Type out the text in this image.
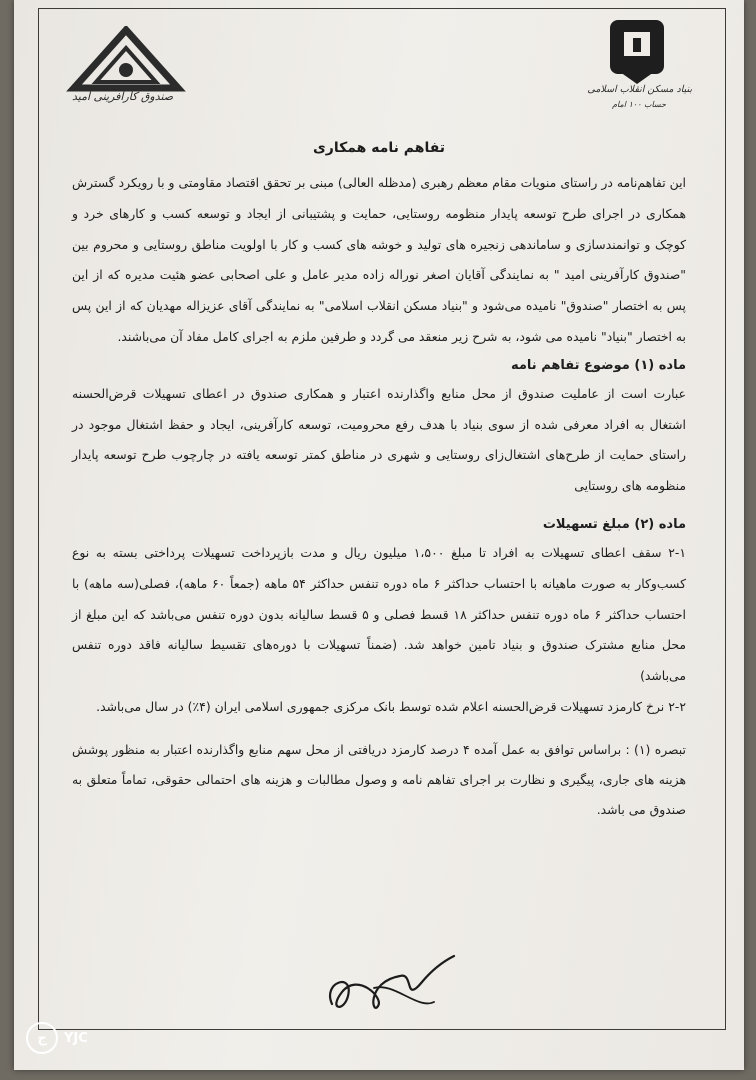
بنیاد مسکن انقلاب اسلامی
حساب ۱۰۰ امام
صندوق کارآفرینی امید
تفاهم نامه همکاری

این تفاهم‌نامه در راستای منویات مقام معظم رهبری (مدظله العالی) مبنی بر تحقق اقتصاد مقاومتی و با رویکرد گسترش همکاری در اجرای طرح توسعه پایدار منظومه روستایی، حمایت و پشتیبانی از ایجاد و توسعه کسب و کارهای خرد و کوچک و توانمندسازی و ساماندهی زنجیره های تولید و خوشه های کسب و کار با اولویت مناطق روستایی و محروم بین "صندوق کارآفرینی امید " به نمایندگی آقایان اصغر نوراله زاده مدیر عامل و علی اصحابی عضو هئیت مدیره که از این پس به اختصار "صندوق" نامیده می‌شود و "بنیاد مسکن انقلاب اسلامی" به نمایندگی آقای عزیزاله مهدیان که از این پس به اختصار "بنیاد" نامیده می شود، به شرح زیر منعقد می گردد و طرفین ملزم به اجرای کامل مفاد آن می‌باشند.

ماده (۱) موضوع تفاهم نامه

عبارت است از عاملیت صندوق از محل منابع واگذارنده اعتبار و همکاری صندوق در اعطای تسهیلات قرض‌الحسنه اشتغال به افراد معرفی شده از سوی بنیاد با هدف رفع محرومیت، توسعه کارآفرینی، ایجاد و حفظ اشتغال موجود در راستای حمایت از طرح‌های اشتغال‌زای روستایی و شهری در مناطق کمتر توسعه یافته در چارچوب طرح توسعه پایدار منظومه های روستایی

ماده (۲) مبلغ تسهیلات

۲-۱ سقف اعطای تسهیلات به افراد تا مبلغ ۱،۵۰۰ میلیون ریال و مدت بازپرداخت تسهیلات پرداختی بسته به نوع کسب‌وکار به صورت ماهیانه با احتساب حداکثر ۶ ماه دوره تنفس حداکثر ۵۴ ماهه (جمعاً ۶۰ ماهه)، فصلی(سه ماهه) با احتساب حداکثر ۶ ماه دوره تنفس حداکثر ۱۸ قسط فصلی و ۵ قسط سالیانه بدون دوره تنفس می‌باشد که این مبلغ از محل منابع مشترک صندوق و بنیاد تامین خواهد شد. (ضمناً تسهیلات با دوره‌های تقسیط سالیانه فاقد دوره تنفس می‌باشد)

۲-۲ نرخ کارمزد تسهیلات قرض‌الحسنه اعلام شده توسط بانک مرکزی جمهوری اسلامی ایران (۴٪) در سال می‌باشد.

تبصره (۱) : براساس توافق به عمل آمده ۴ درصد کارمزد دریافتی از محل سهم منابع واگذارنده اعتبار به منظور پوشش هزینه های جاری، پیگیری و نظارت بر اجرای تفاهم نامه و وصول مطالبات و هزینه های احتمالی حقوقی، تماماً متعلق به صندوق می باشد.

ج	YJC
